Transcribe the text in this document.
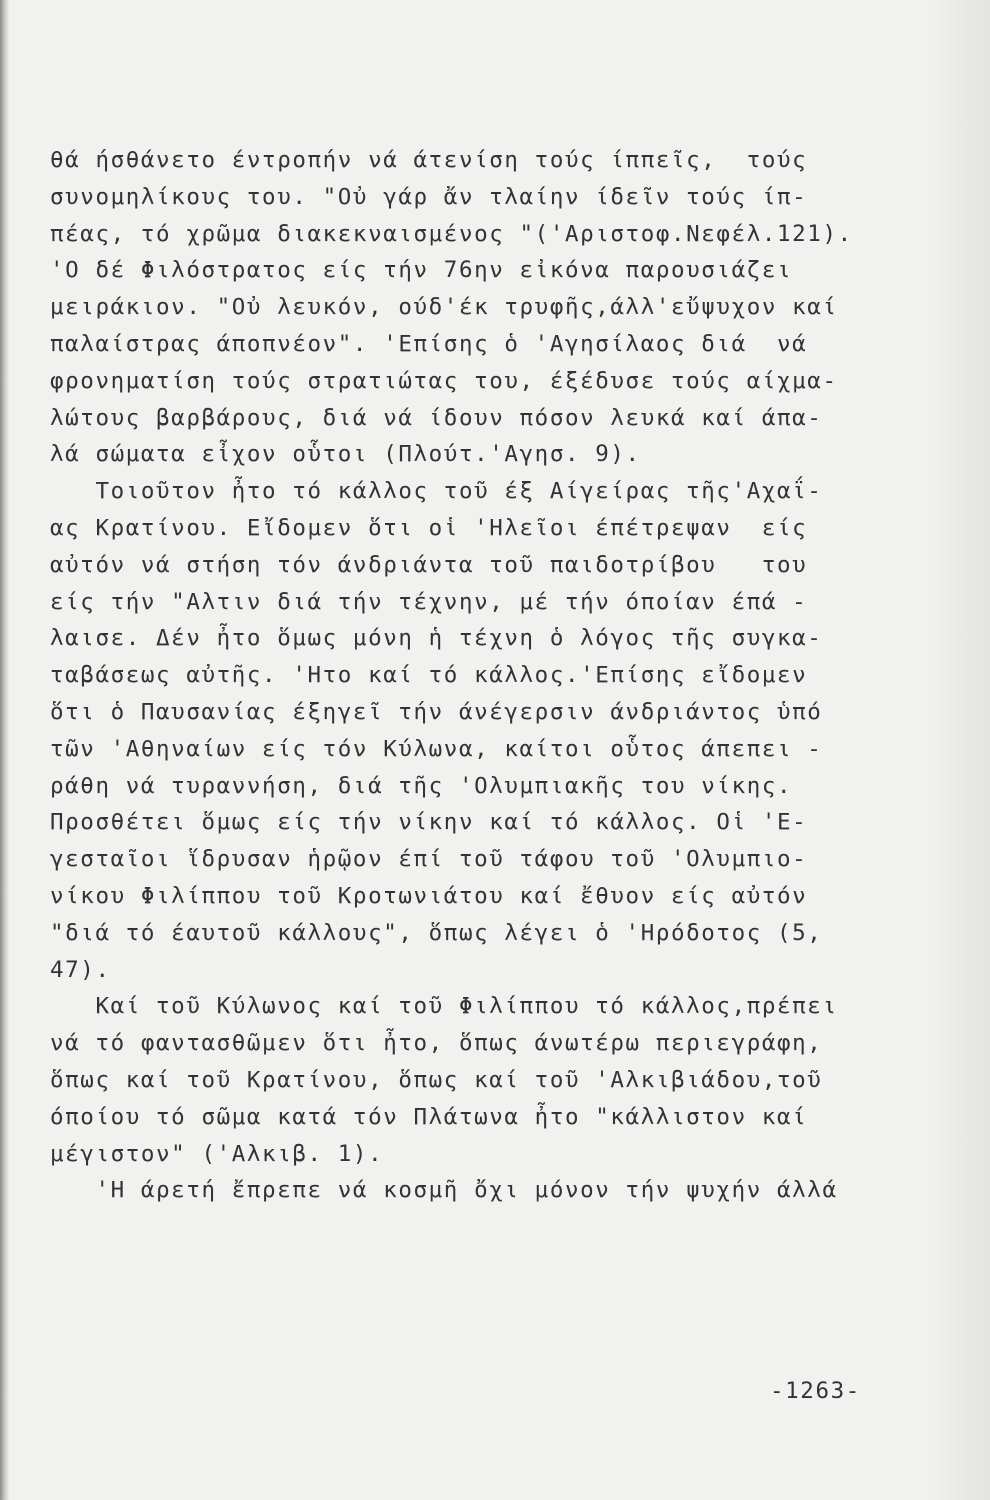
θά ήσθάνετο έντροπήν νά άτενίση τούς ίππεῖς,  τούς
συνομηλίκους του. "Οὐ γάρ ἄν τλαίην ίδεῖν τούς ίπ-
πέας, τό χρῶμα διακεκναισμένος "('Αριστοφ.Νεφέλ.121).
'Ο δέ Φιλόστρατος είς τήν 76ην εἰκόνα παρουσιάζει
μειράκιον. "Οὐ λευκόν, ούδ'έκ τρυφῆς,άλλ'εὔψυχον καί
παλαίστρας άποπνέον". 'Επίσης ὁ 'Αγησίλαος διά  νά
φρονηματίση τούς στρατιώτας του, έξέδυσε τούς αίχμα-
λώτους βαρβάρους, διά νά ίδουν πόσον λευκά καί άπα-
λά σώματα εἶχον οὗτοι (Πλούτ.'Αγησ. 9).
Τοιοῦτον ἦτο τό κάλλος τοῦ έξ Αίγείρας τῆς'Αχαΐ-
ας Κρατίνου. Εἴδομεν ὅτι οἱ 'Ηλεῖοι έπέτρεψαν  είς
αὐτόν νά στήση τόν άνδριάντα τοῦ παιδοτρίβου   του
είς τήν "Αλτιν διά τήν τέχνην, μέ τήν όποίαν έπά -
λαισε. Δέν ἦτο ὅμως μόνη ἡ τέχνη ὁ λόγος τῆς συγκα-
ταβάσεως αὐτῆς. 'Ητο καί τό κάλλος.'Επίσης εἴδομεν
ὅτι ὁ Παυσανίας έξηγεῖ τήν άνέγερσιν άνδριάντος ὑπό
τῶν 'Αθηναίων είς τόν Κύλωνα, καίτοι οὗτος άπεπει -
ράθη νά τυραννήση, διά τῆς 'Ολυμπιακῆς του νίκης.
Προσθέτει ὅμως είς τήν νίκην καί τό κάλλος. Οἱ 'Ε-
γεσταῖοι ἵδρυσαν ἡρῷον έπί τοῦ τάφου τοῦ 'Ολυμπιο-
νίκου Φιλίππου τοῦ Κροτωνιάτου καί ἔθυον είς αὐτόν
"διά τό έαυτοῦ κάλλους", ὅπως λέγει ὁ 'Ηρόδοτος (5,
47).
Καί τοῦ Κύλωνος καί τοῦ Φιλίππου τό κάλλος,πρέπει
νά τό φαντασθῶμεν ὅτι ἦτο, ὅπως άνωτέρω περιεγράφη,
ὅπως καί τοῦ Κρατίνου, ὅπως καί τοῦ 'Αλκιβιάδου,τοῦ
όποίου τό σῶμα κατά τόν Πλάτωνα ἦτο "κάλλιστον καί
μέγιστον" ('Αλκιβ. 1).
'Η άρετή ἔπρεπε νά κοσμῆ ὄχι μόνον τήν ψυχήν άλλά
-1263-
